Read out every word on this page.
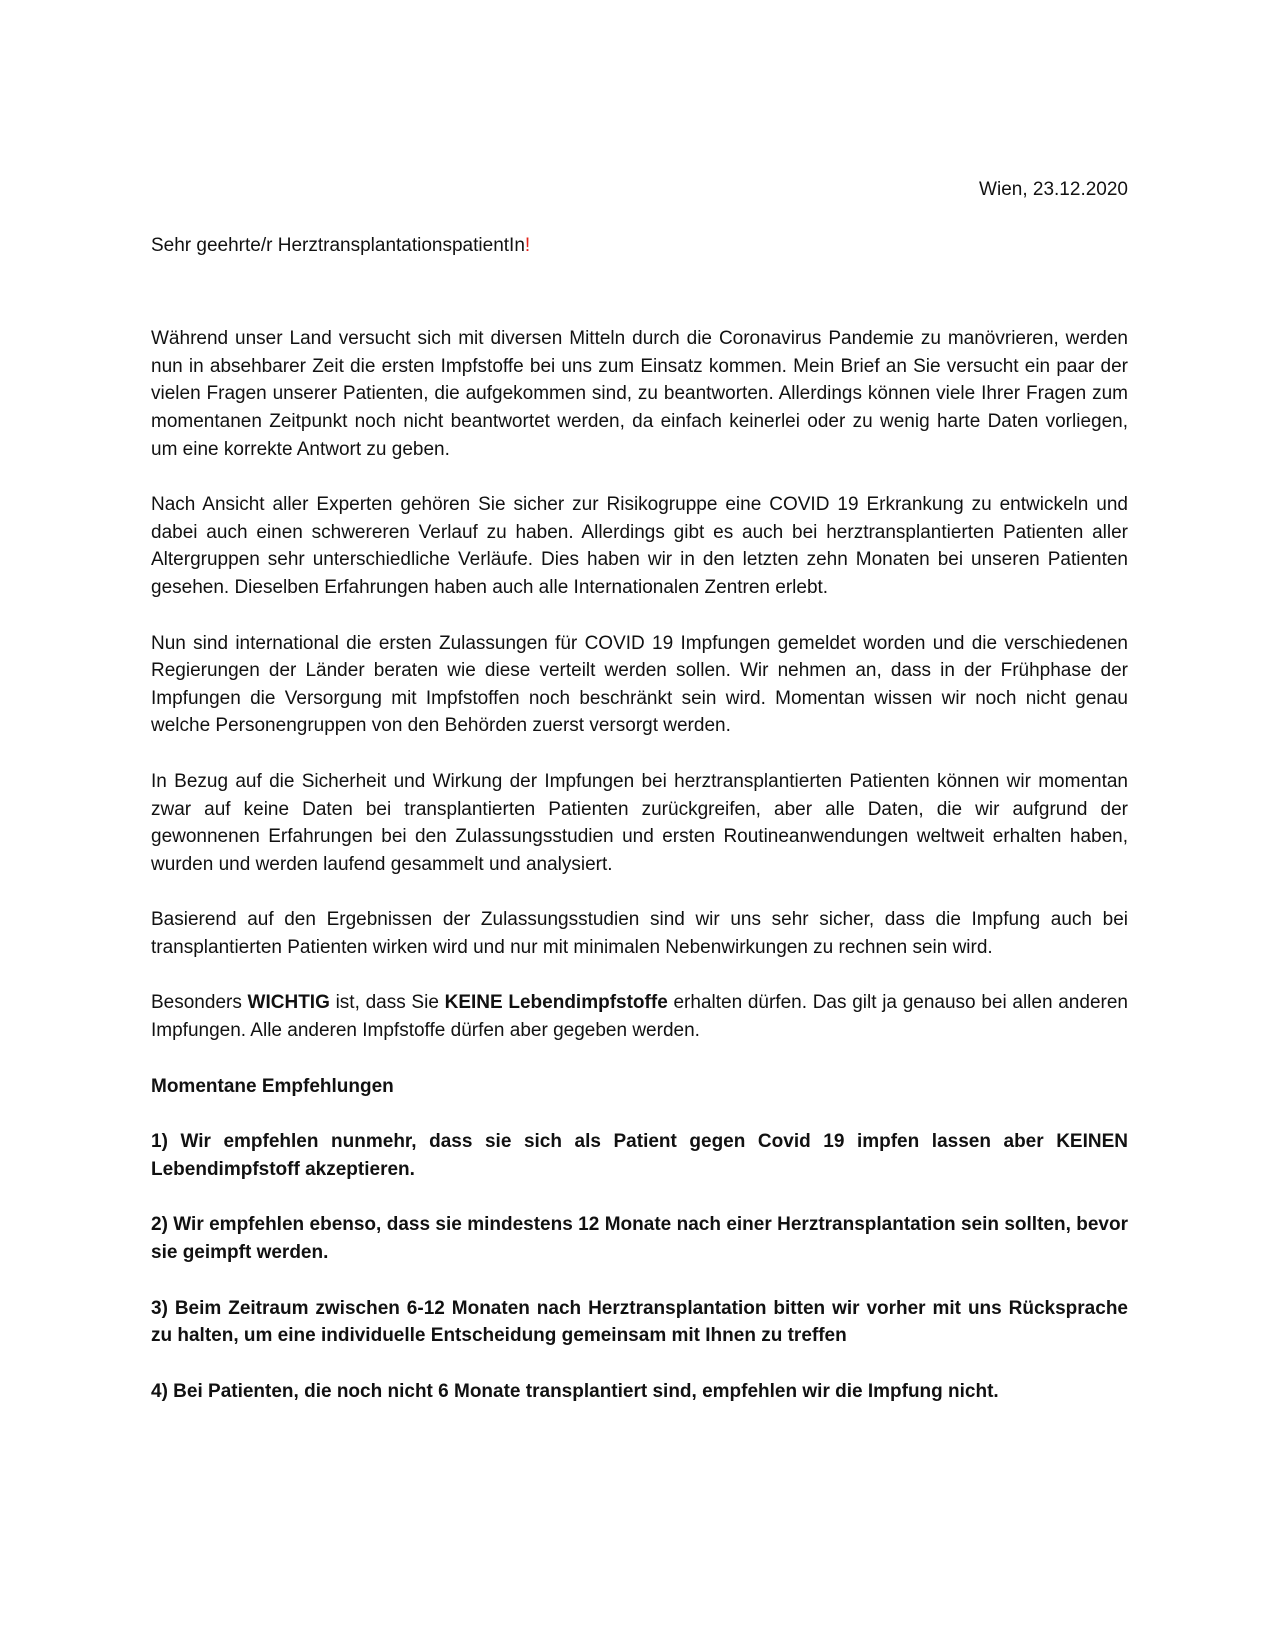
Wien, 23.12.2020

Sehr geehrte/r HerztransplantationspatientIn!

Während unser Land versucht sich mit diversen Mitteln durch die Coronavirus Pandemie zu manövrieren, werden nun in absehbarer Zeit die ersten Impfstoffe bei uns zum Einsatz kommen. Mein Brief an Sie versucht ein paar der vielen Fragen unserer Patienten, die aufgekommen sind, zu beantworten. Allerdings können viele Ihrer Fragen zum momentanen Zeitpunkt noch nicht beantwortet werden, da einfach keinerlei oder zu wenig harte Daten vorliegen, um eine korrekte Antwort zu geben.

Nach Ansicht aller Experten gehören Sie sicher zur Risikogruppe eine COVID 19 Erkrankung zu entwickeln und dabei auch einen schwereren Verlauf zu haben. Allerdings gibt es auch bei herztransplantierten Patienten aller Altergruppen sehr unterschiedliche Verläufe. Dies haben wir in den letzten zehn Monaten bei unseren Patienten gesehen. Dieselben Erfahrungen haben auch alle Internationalen Zentren erlebt.

Nun sind international die ersten Zulassungen für COVID 19 Impfungen gemeldet worden und die verschiedenen Regierungen der Länder beraten wie diese verteilt werden sollen. Wir nehmen an, dass in der Frühphase der Impfungen die Versorgung mit Impfstoffen noch beschränkt sein wird. Momentan wissen wir noch nicht genau welche Personengruppen von den Behörden zuerst versorgt werden.

In Bezug auf die Sicherheit und Wirkung der Impfungen bei herztransplantierten Patienten können wir momentan zwar auf keine Daten bei transplantierten Patienten zurückgreifen, aber alle Daten, die wir aufgrund der gewonnenen Erfahrungen bei den Zulassungsstudien und ersten Routineanwendungen weltweit erhalten haben, wurden und werden laufend gesammelt und analysiert.

Basierend auf den Ergebnissen der Zulassungsstudien sind wir uns sehr sicher, dass die Impfung auch bei transplantierten Patienten wirken wird und nur mit minimalen Nebenwirkungen zu rechnen sein wird.

Besonders WICHTIG ist, dass Sie KEINE Lebendimpfstoffe erhalten dürfen. Das gilt ja genauso bei allen anderen Impfungen. Alle anderen Impfstoffe dürfen aber gegeben werden.

Momentane Empfehlungen

1) Wir empfehlen nunmehr, dass sie sich als Patient gegen Covid 19 impfen lassen aber KEINEN Lebendimpfstoff akzeptieren.

2) Wir empfehlen ebenso, dass sie mindestens 12 Monate nach einer Herztransplantation sein sollten, bevor sie geimpft werden.

3) Beim Zeitraum zwischen 6-12 Monaten nach Herztransplantation bitten wir vorher mit uns Rücksprache zu halten, um eine individuelle Entscheidung gemeinsam mit Ihnen zu treffen

4) Bei Patienten, die noch nicht 6 Monate transplantiert sind, empfehlen wir die Impfung nicht.
